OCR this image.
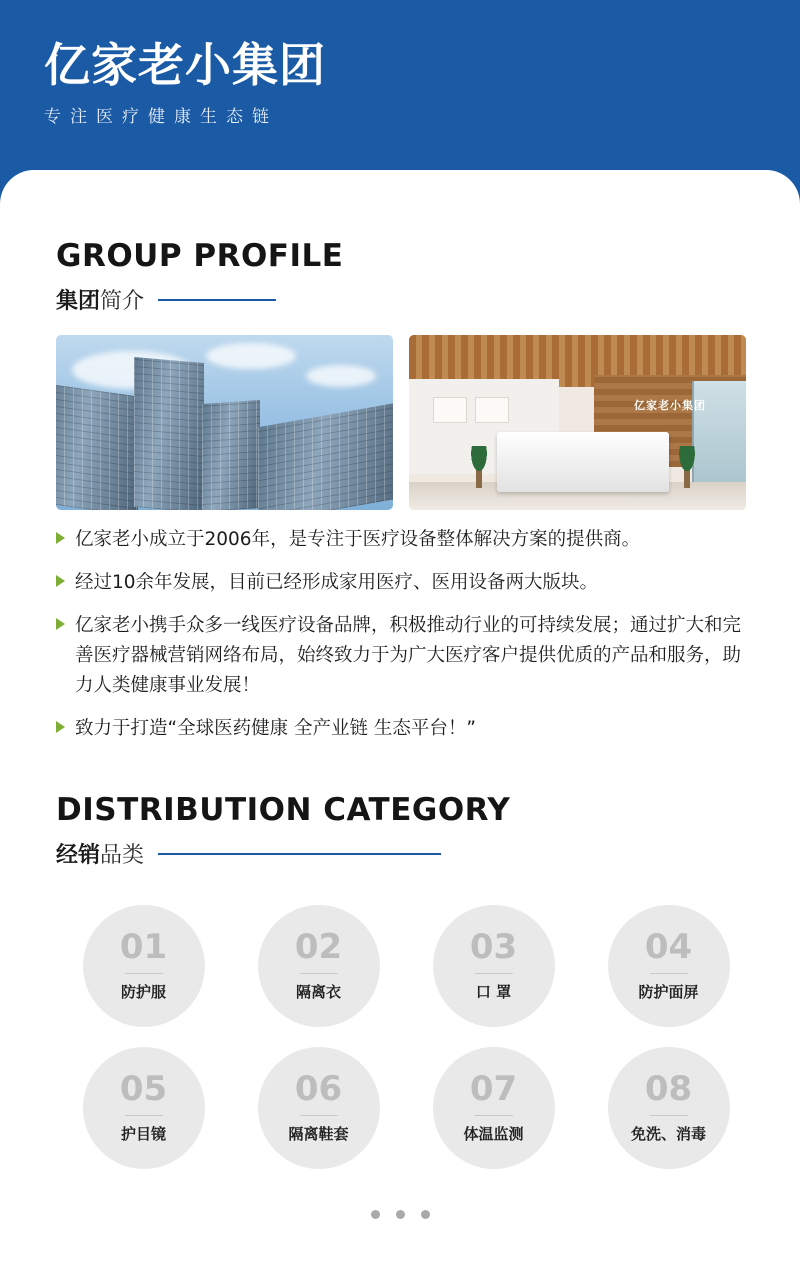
亿家老小集团
专注医疗健康生态链
GROUP PROFILE
集团简介
亿家老小集团

亿家老小成立于2006年，是专注于医疗设备整体解决方案的提供商。

经过10余年发展，目前已经形成家用医疗、医用设备两大版块。

亿家老小携手众多一线医疗设备品牌，积极推动行业的可持续发展；通过扩大和完善医疗器械营销网络布局，始终致力于为广大医疗客户提供优质的产品和服务，助力人类健康事业发展！

致力于打造“全球医药健康 全产业链 生态平台！”

DISTRIBUTION CATEGORY
经销品类
01
防护服
02
隔离衣
03
口 罩
04
防护面屏
05
护目镜
06
隔离鞋套
07
体温监测
08
免洗、消毒
